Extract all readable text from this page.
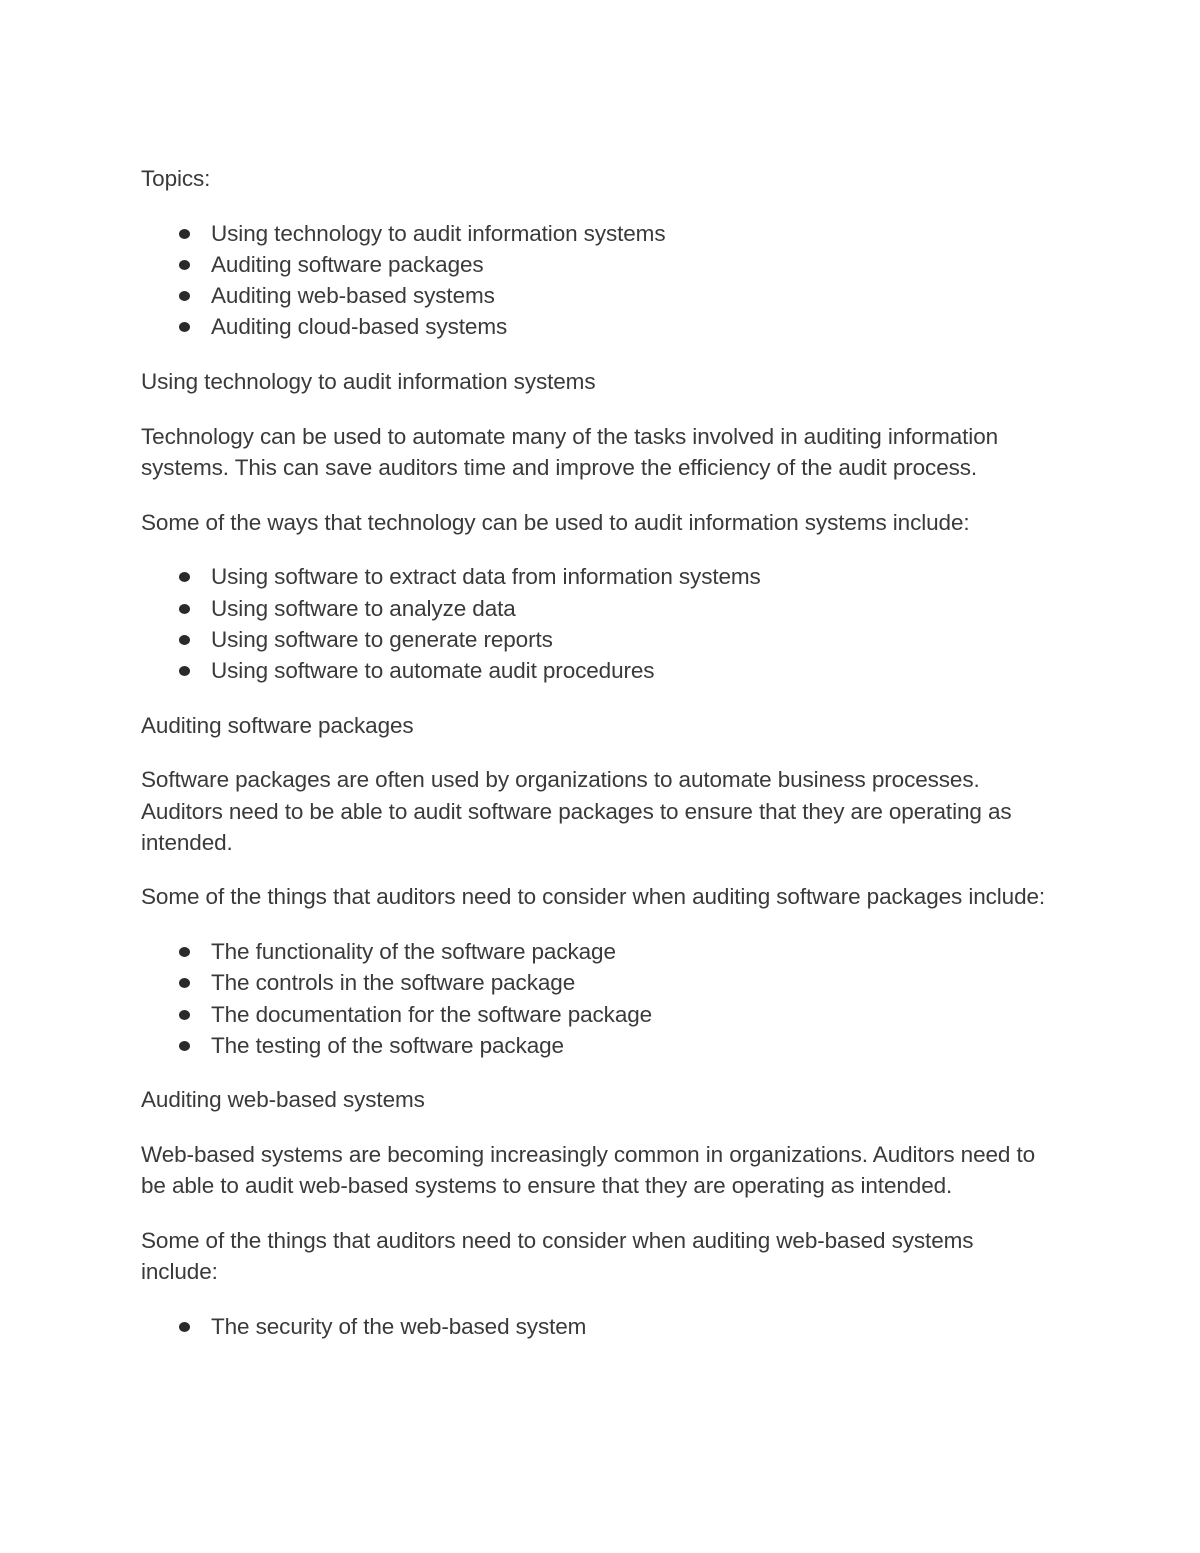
Topics:

Using technology to audit information systems
Auditing software packages
Auditing web-based systems
Auditing cloud-based systems

Using technology to audit information systems

Technology can be used to automate many of the tasks involved in auditing information systems. This can save auditors time and improve the efficiency of the audit process.

Some of the ways that technology can be used to audit information systems include:

Using software to extract data from information systems
Using software to analyze data
Using software to generate reports
Using software to automate audit procedures

Auditing software packages

Software packages are often used by organizations to automate business processes. Auditors need to be able to audit software packages to ensure that they are operating as intended.

Some of the things that auditors need to consider when auditing software packages include:

The functionality of the software package
The controls in the software package
The documentation for the software package
The testing of the software package

Auditing web-based systems

Web-based systems are becoming increasingly common in organizations. Auditors need to be able to audit web-based systems to ensure that they are operating as intended.

Some of the things that auditors need to consider when auditing web-based systems include:

The security of the web-based system
